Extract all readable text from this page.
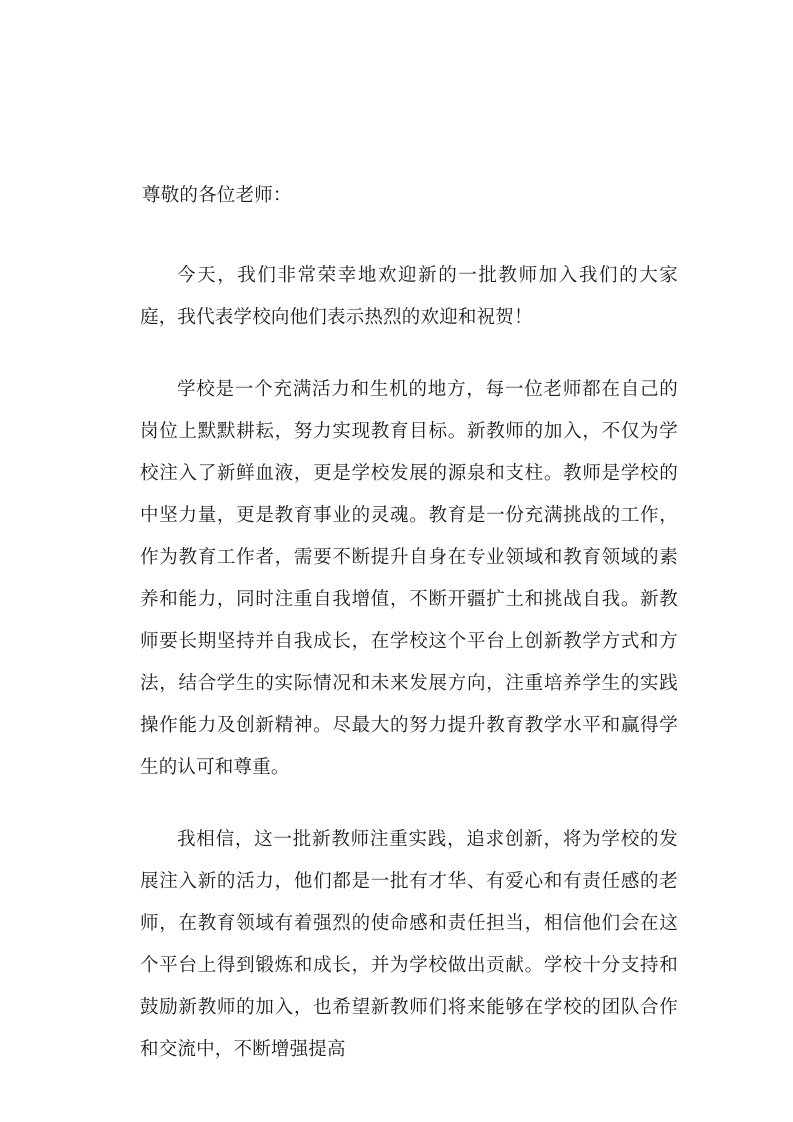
尊敬的各位老师：

今天，我们非常荣幸地欢迎新的一批教师加入我们的大家庭，我代表学校向他们表示热烈的欢迎和祝贺！

学校是一个充满活力和生机的地方，每一位老师都在自己的岗位上默默耕耘，努力实现教育目标。新教师的加入，不仅为学校注入了新鲜血液，更是学校发展的源泉和支柱。教师是学校的中坚力量，更是教育事业的灵魂。教育是一份充满挑战的工作，作为教育工作者，需要不断提升自身在专业领域和教育领域的素养和能力，同时注重自我增值，不断开疆扩土和挑战自我。新教师要长期坚持并自我成长，在学校这个平台上创新教学方式和方法，结合学生的实际情况和未来发展方向，注重培养学生的实践操作能力及创新精神。尽最大的努力提升教育教学水平和赢得学生的认可和尊重。

我相信，这一批新教师注重实践，追求创新，将为学校的发展注入新的活力，他们都是一批有才华、有爱心和有责任感的老师，在教育领域有着强烈的使命感和责任担当，相信他们会在这个平台上得到锻炼和成长，并为学校做出贡献。学校十分支持和鼓励新教师的加入，也希望新教师们将来能够在学校的团队合作和交流中，不断增强提高
